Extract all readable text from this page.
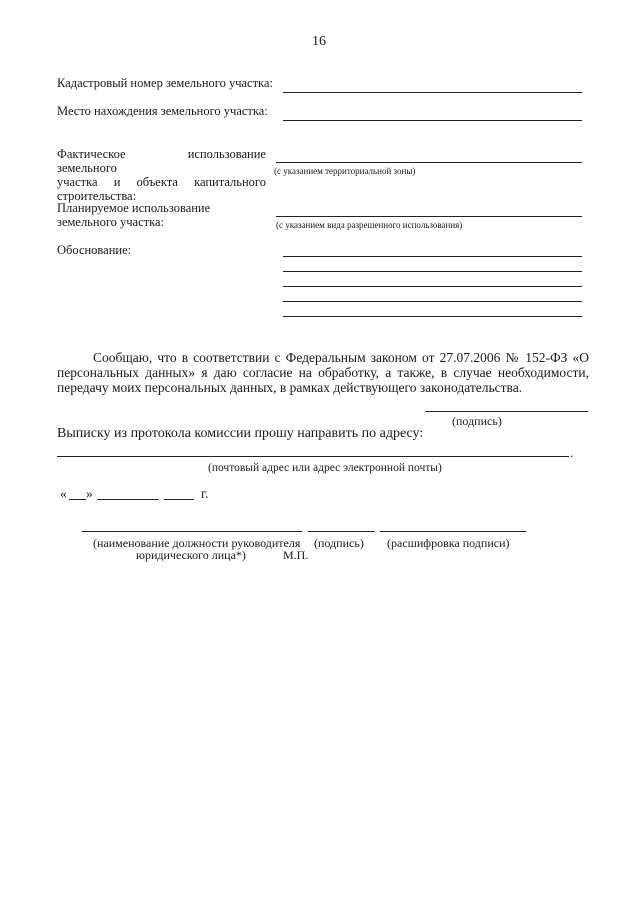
16
Кадастровый номер земельного участка:
Место нахождения земельного участка:
Фактическое использование земельного
участка и объекта капитального
строительства:
(с указанием территориальной зоны)
Планируемое использование
земельного участка:	(с указанием вида разрешенного использования)
Обоснование:
Сообщаю, что в соответствии с Федеральным законом от 27.07.2006 № 152-ФЗ «О
персональных данных» я даю согласие на обработку, а также, в случае необходимости,
передачу моих персональных данных, в рамках действующего законодательства.
(подпись)
Выписку из протокола комиссии прошу направить по адресу:
.
(почтовый адрес или адрес электронной почты)
« »	г.
(наименование должности руководителя (подпись) (расшифровка подписи)
юридического лица*)	М.П.
